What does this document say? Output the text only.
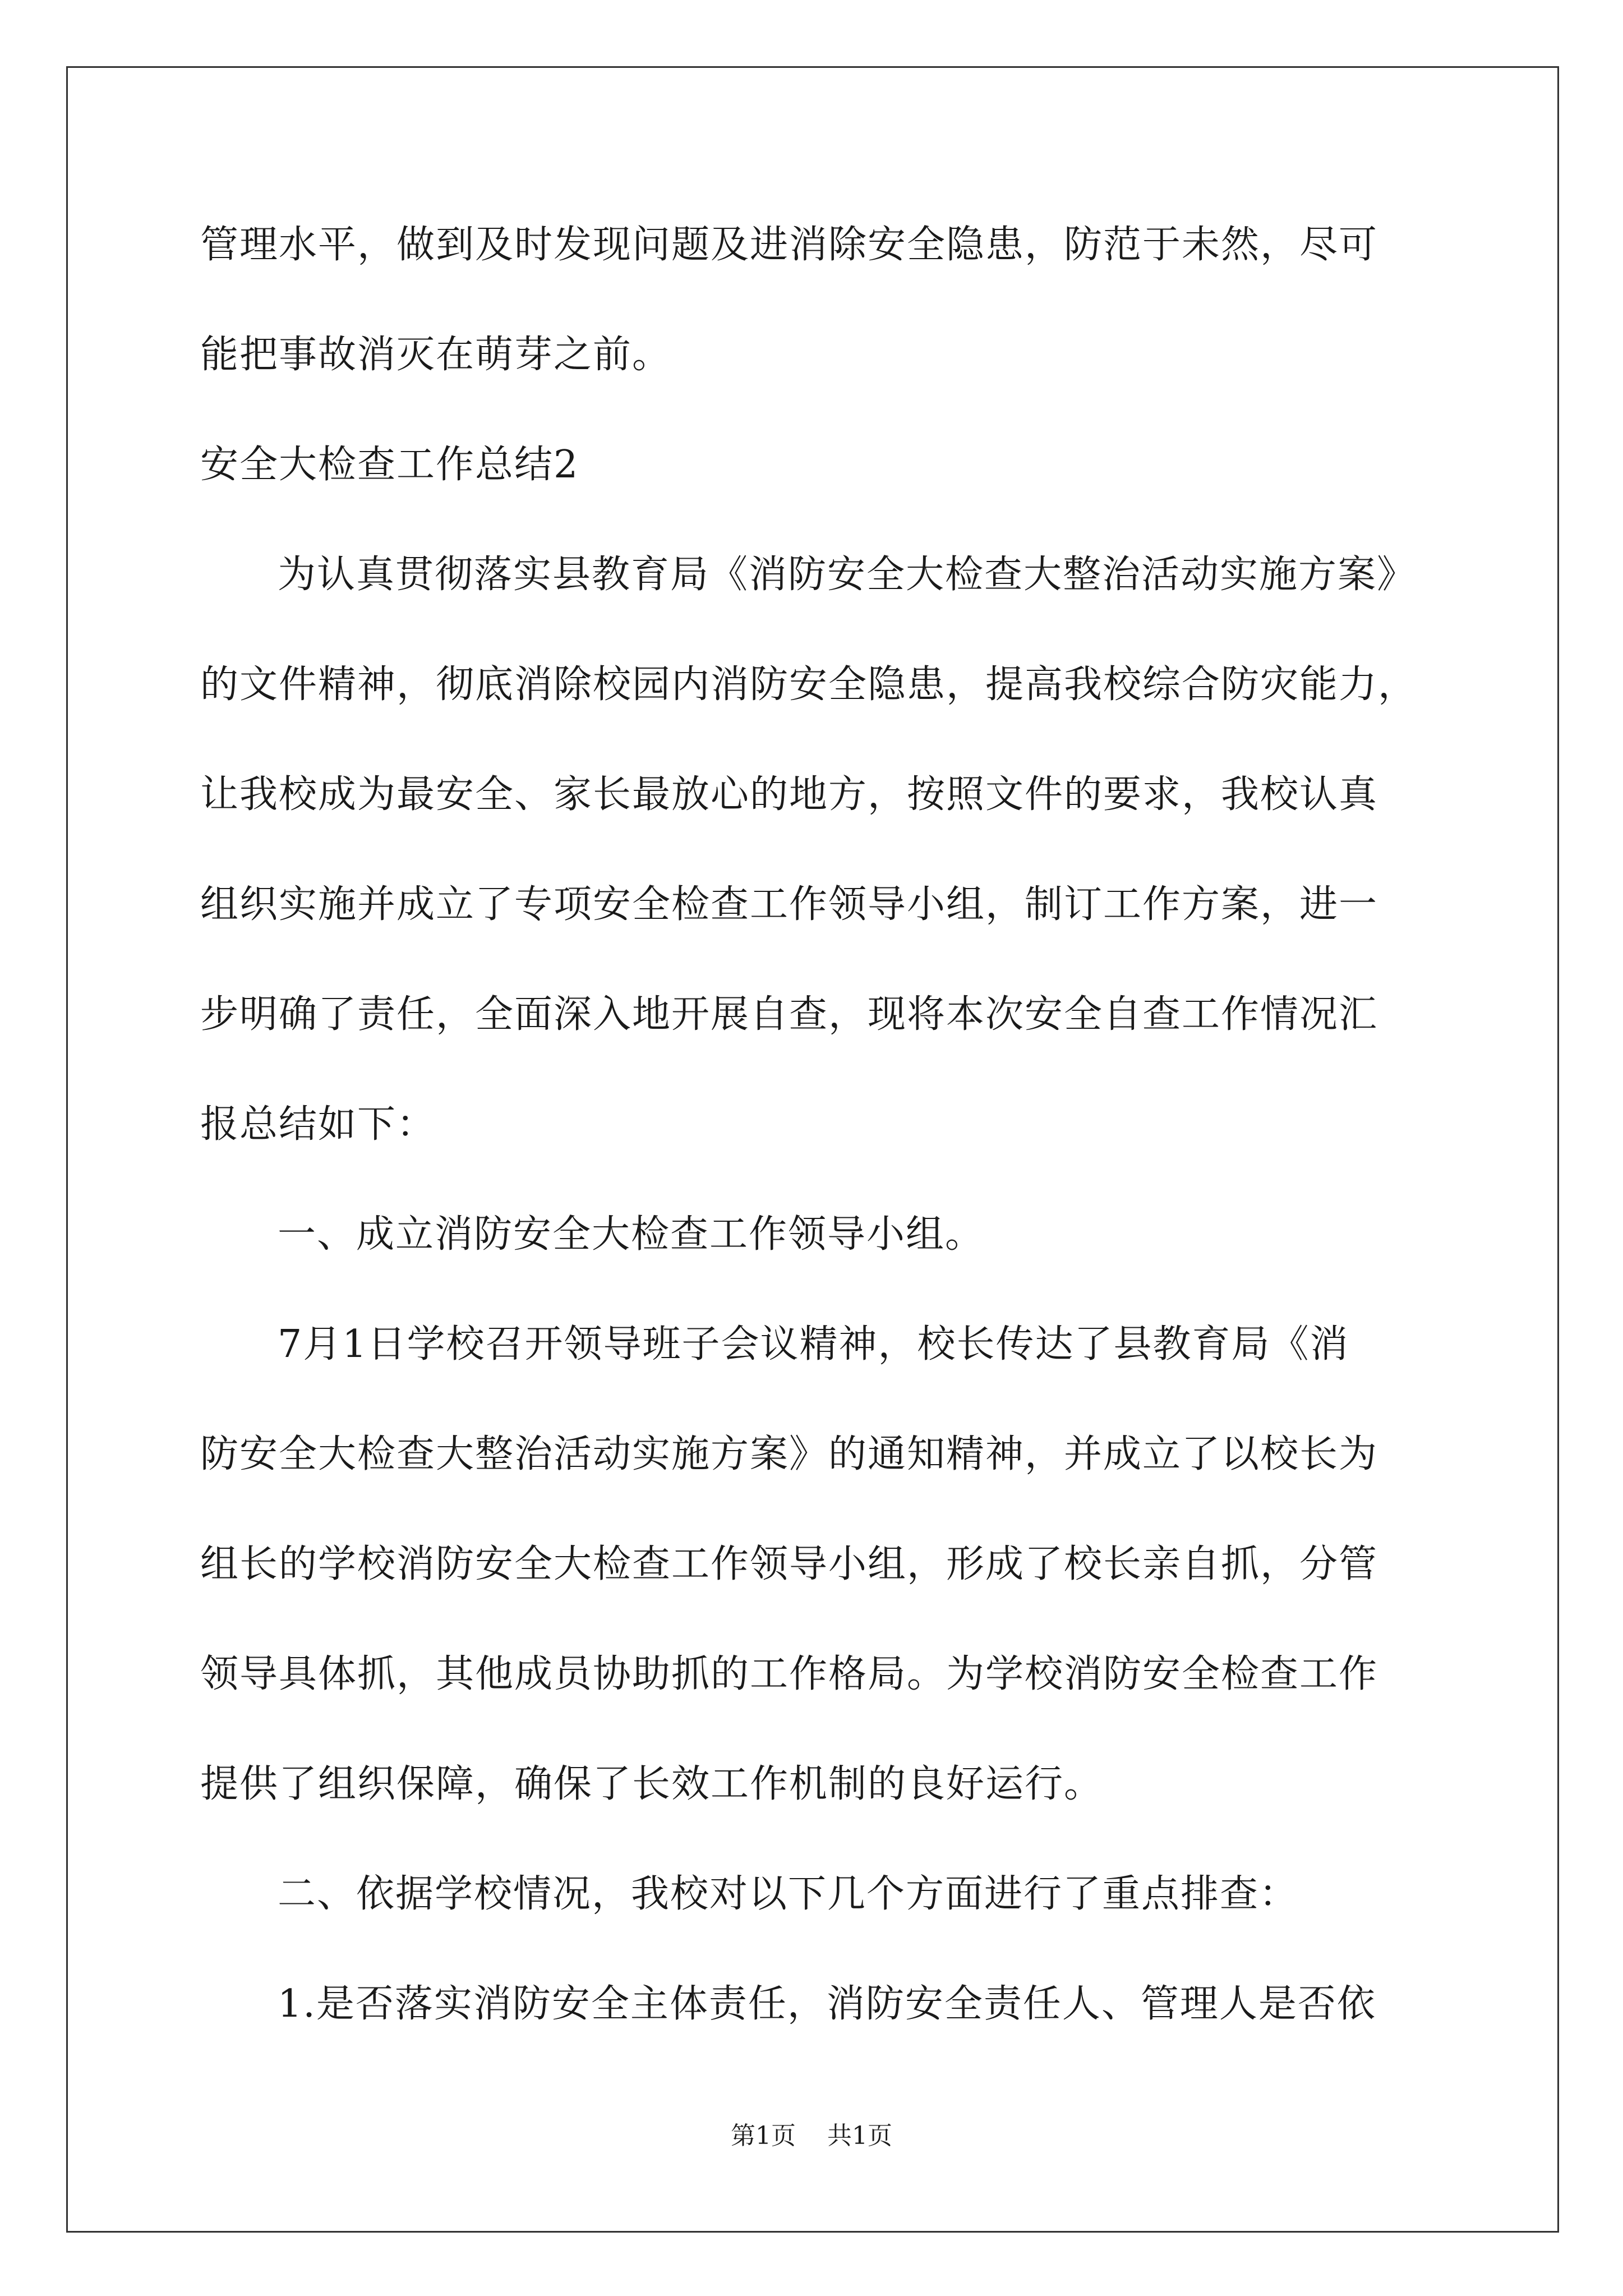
管理水平，做到及时发现问题及进消除安全隐患，防范于未然，尽可
能把事故消灭在萌芽之前。
安全大检查工作总结2
为认真贯彻落实县教育局《消防安全大检查大整治活动实施方案》
的文件精神，彻底消除校园内消防安全隐患，提高我校综合防灾能力，
让我校成为最安全、家长最放心的地方，按照文件的要求，我校认真
组织实施并成立了专项安全检查工作领导小组，制订工作方案，进一
步明确了责任，全面深入地开展自查，现将本次安全自查工作情况汇
报总结如下：
一、成立消防安全大检查工作领导小组。
7月1日学校召开领导班子会议精神，校长传达了县教育局《消
防安全大检查大整治活动实施方案》的通知精神，并成立了以校长为
组长的学校消防安全大检查工作领导小组，形成了校长亲自抓，分管
领导具体抓，其他成员协助抓的工作格局。为学校消防安全检查工作
提供了组织保障，确保了长效工作机制的良好运行。
二、依据学校情况，我校对以下几个方面进行了重点排查：
1.是否落实消防安全主体责任，消防安全责任人、管理人是否依
第1页 共1页
